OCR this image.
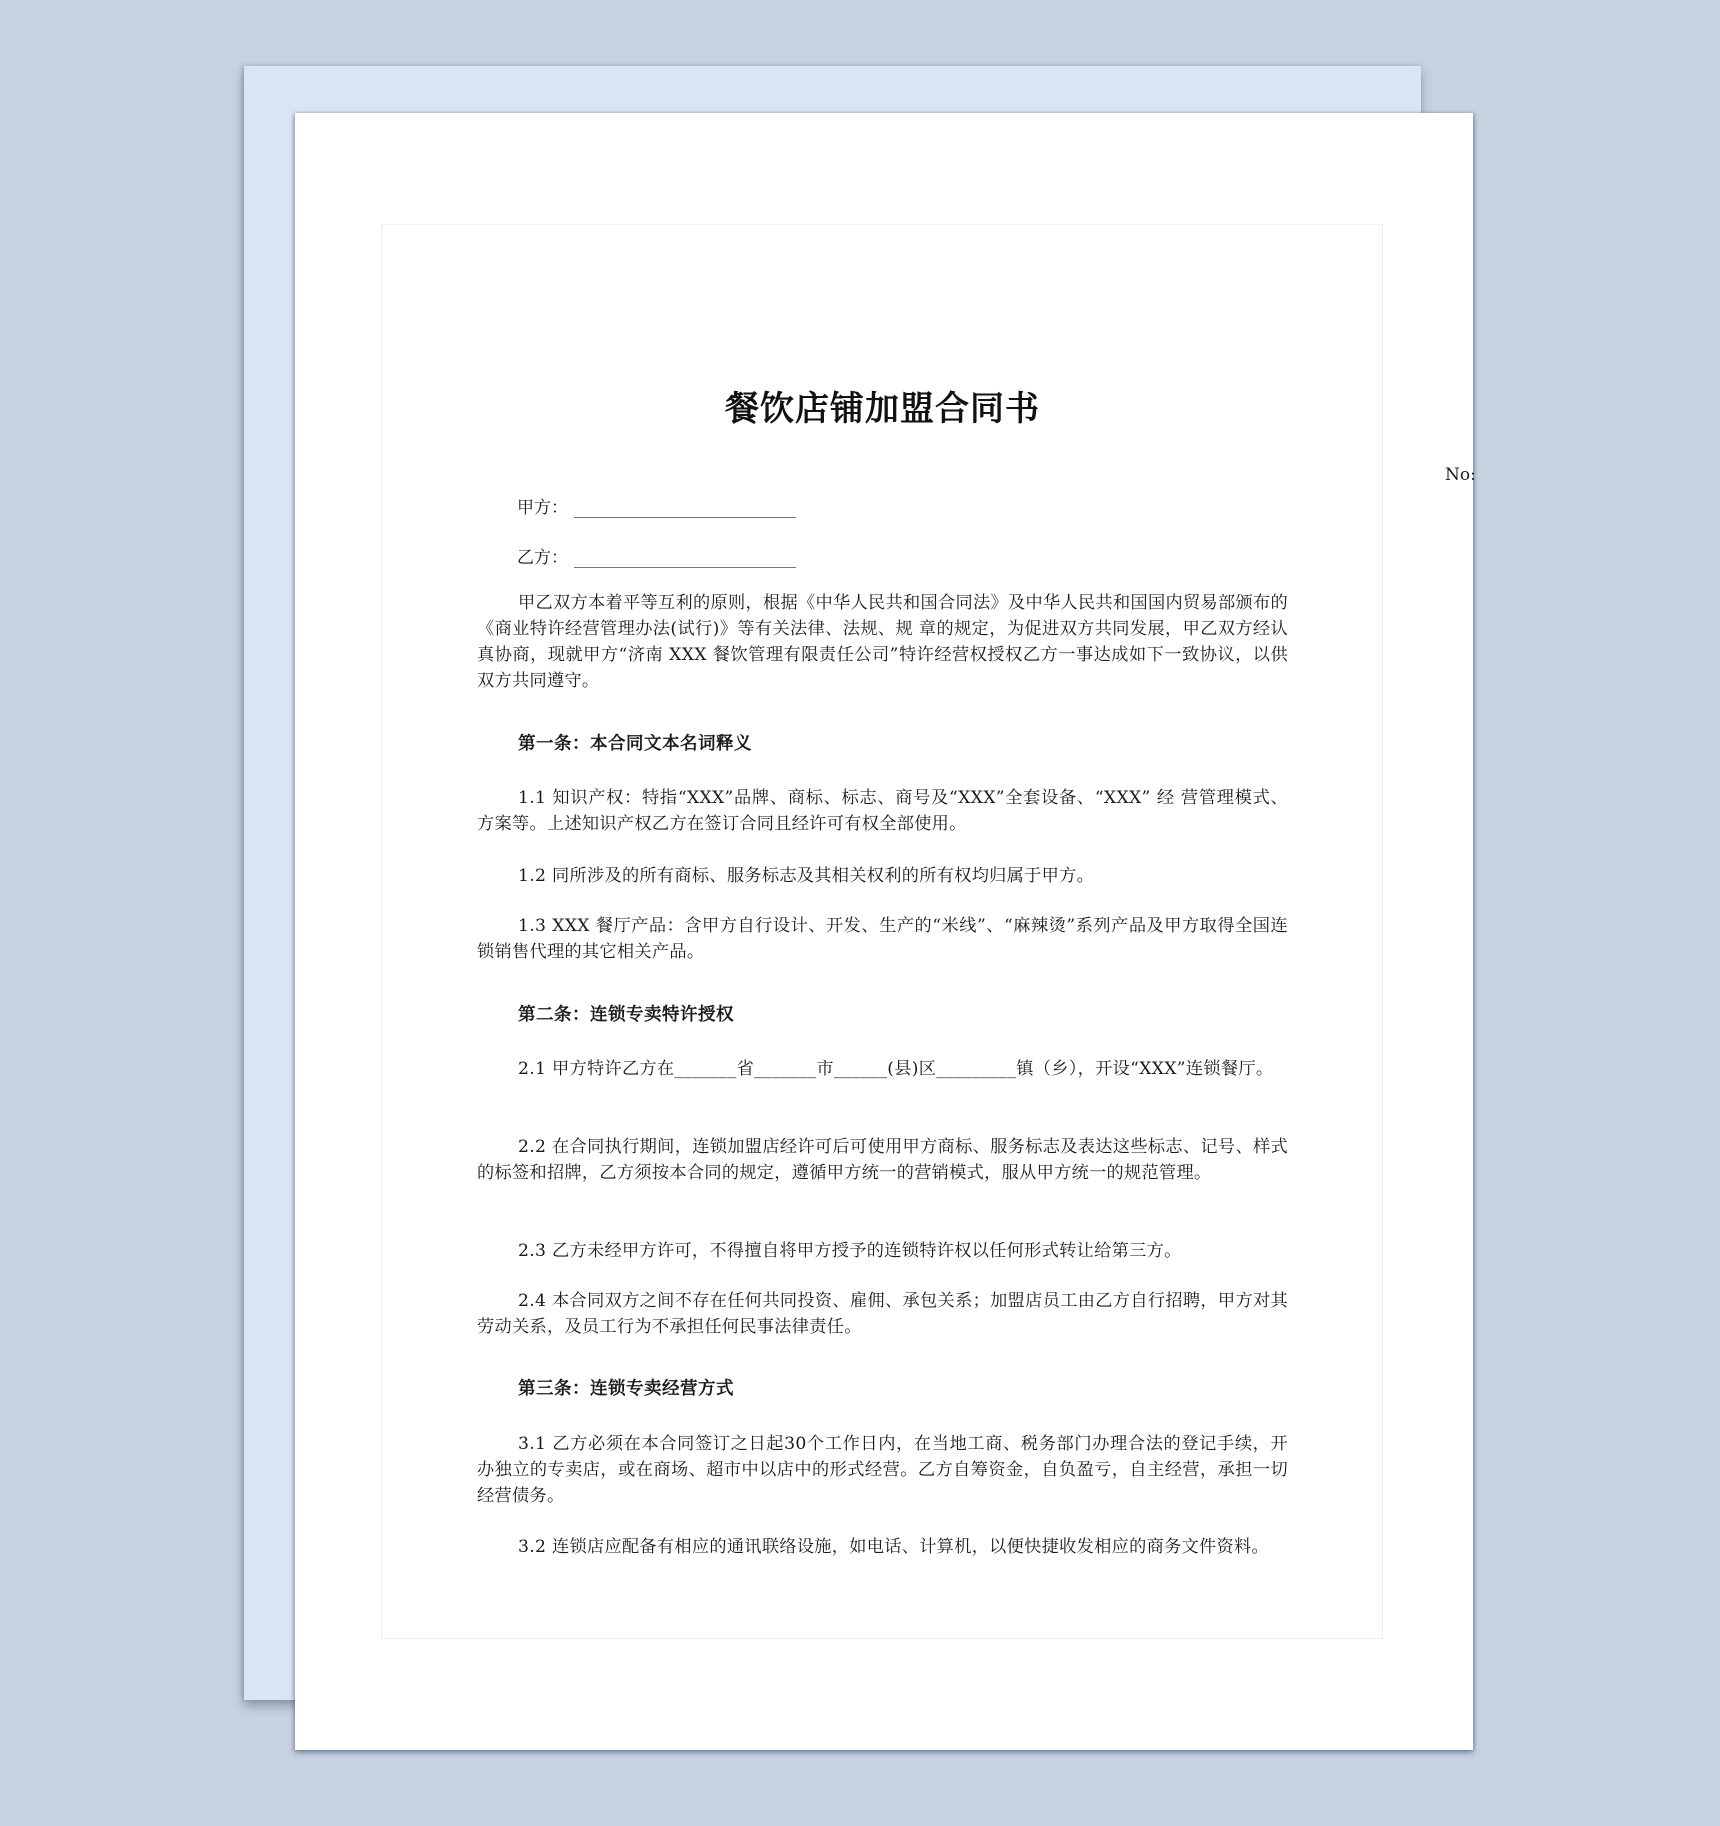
餐饮店铺加盟合同书
No:
甲方：
乙方：
甲乙双方本着平等互利的原则，根据《中华人民共和国合同法》及中华人民共和国国内贸易部颁布的《商业特许经营管理办法(试行)》等有关法律、法规、规 章的规定，为促进双方共同发展，甲乙双方经认真协商，现就甲方“济南 XXX 餐饮管理有限责任公司”特许经营权授权乙方一事达成如下一致协议，以供双方共同遵守。
第一条：本合同文本名词释义
1.1 知识产权：特指“XXX”品牌、商标、标志、商号及“XXX”全套设备、“XXX” 经 营管理模式、方案等。上述知识产权乙方在签订合同且经许可有权全部使用。
1.2 同所涉及的所有商标、服务标志及其相关权利的所有权均归属于甲方。
1.3 XXX 餐厅产品：含甲方自行设计、开发、生产的“米线”、“麻辣烫”系列产品及甲方取得全国连锁销售代理的其它相关产品。
第二条：连锁专卖特许授权
2.1 甲方特许乙方在_______省_______市______(县)区_________镇（乡），开设“XXX”连锁餐厅。
2.2 在合同执行期间，连锁加盟店经许可后可使用甲方商标、服务标志及表达这些标志、记号、样式的标签和招牌，乙方须按本合同的规定，遵循甲方统一的营销模式，服从甲方统一的规范管理。
2.3 乙方未经甲方许可，不得擅自将甲方授予的连锁特许权以任何形式转让给第三方。
2.4 本合同双方之间不存在任何共同投资、雇佣、承包关系；加盟店员工由乙方自行招聘，甲方对其劳动关系，及员工行为不承担任何民事法律责任。
第三条：连锁专卖经营方式
3.1 乙方必须在本合同签订之日起30个工作日内，在当地工商、税务部门办理合法的登记手续，开办独立的专卖店，或在商场、超市中以店中的形式经营。乙方自筹资金，自负盈亏，自主经营，承担一切经营债务。
3.2 连锁店应配备有相应的通讯联络设施，如电话、计算机，以便快捷收发相应的商务文件资料。
